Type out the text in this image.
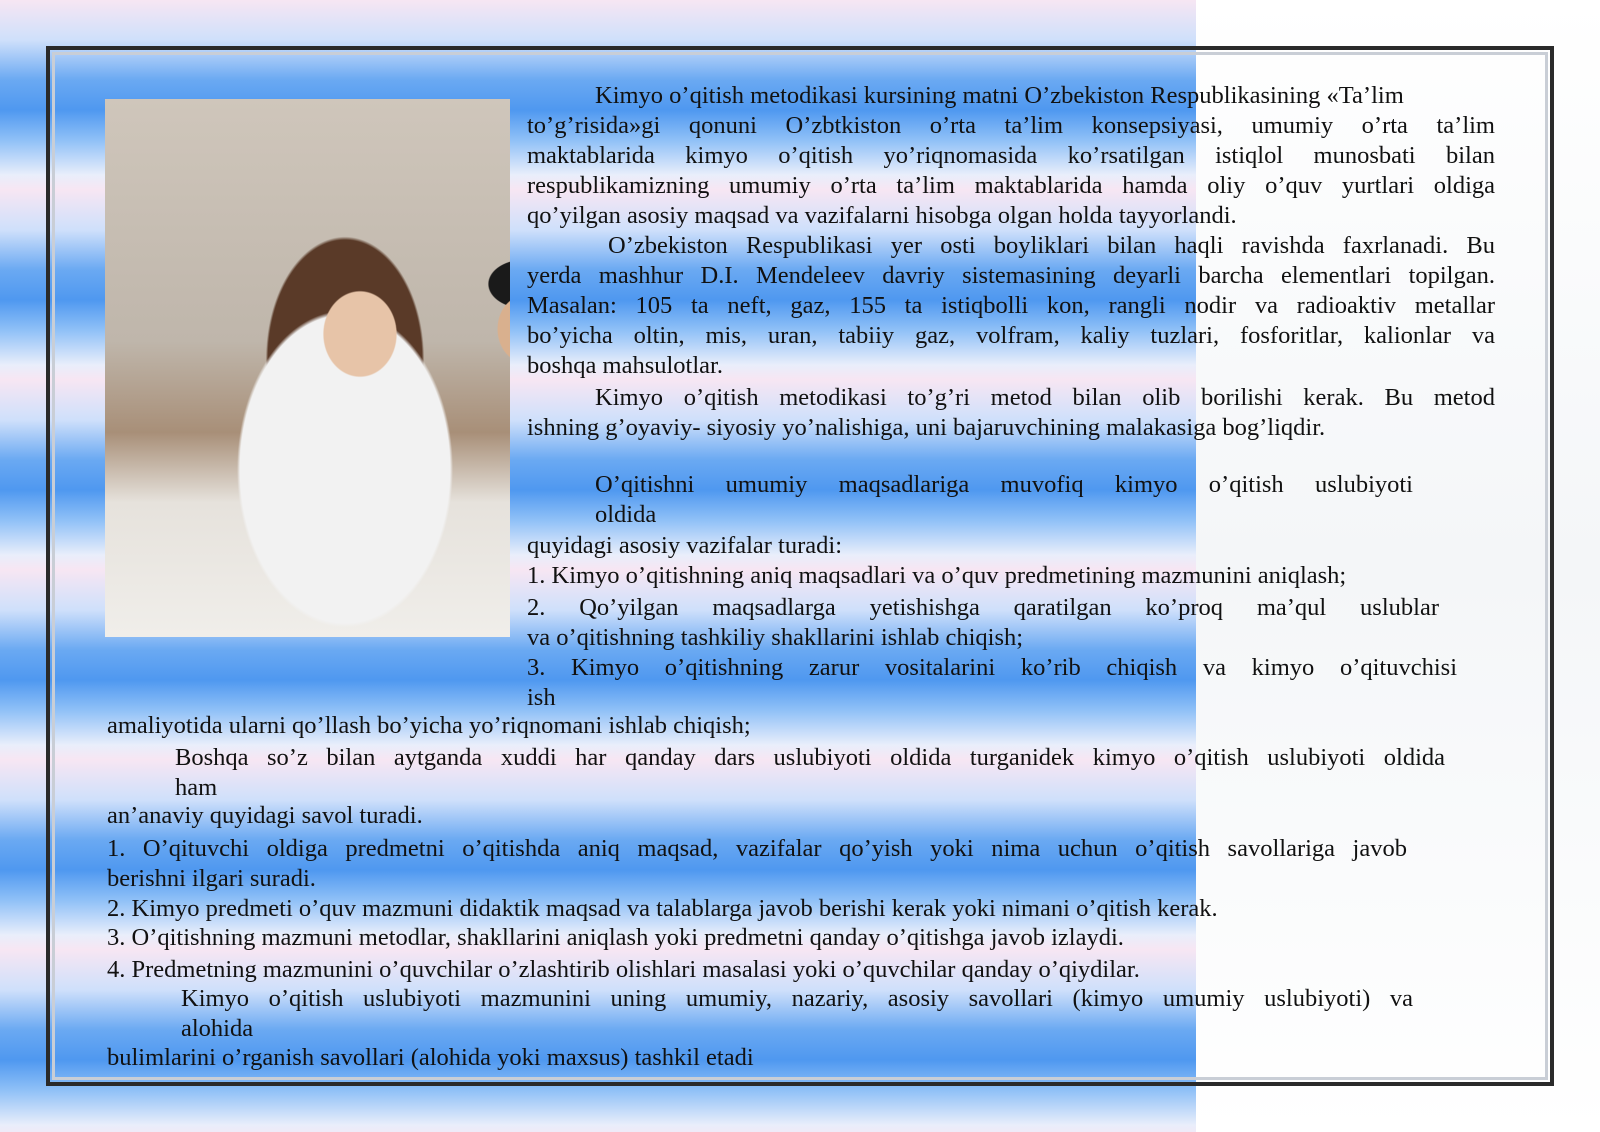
Kimyo o’qitish metodikasi kursining matni O’zbekiston Respublikasining «Ta’lim
to’g’risida»gi qonuni O’zbtkiston o’rta ta’lim konsepsiyasi, umumiy o’rta ta’lim
maktablarida kimyo o’qitish yo’riqnomasida ko’rsatilgan istiqlol munosbati bilan
respublikamizning umumiy o’rta ta’lim maktablarida hamda oliy o’quv yurtlari oldiga
qo’yilgan asosiy maqsad va vazifalarni hisobga olgan holda tayyorlandi.
O’zbekiston Respublikasi yer osti boyliklari bilan haqli ravishda faxrlanadi. Bu
yerda mashhur D.I. Mendeleev davriy sistemasining deyarli barcha elementlari topilgan.
Masalan: 105 ta neft, gaz, 155 ta istiqbolli kon, rangli nodir va radioaktiv metallar
bo’yicha oltin, mis, uran, tabiiy gaz, volfram, kaliy tuzlari, fosforitlar, kalionlar va
boshqa mahsulotlar.
Kimyo o’qitish metodikasi to’g’ri metod bilan olib borilishi kerak. Bu metod
ishning g’oyaviy- siyosiy yo’nalishiga, uni bajaruvchining malakasiga bog’liqdir.
O’qitishni umumiy maqsadlariga muvofiq kimyo o’qitish uslubiyoti
oldida
quyidagi asosiy vazifalar turadi:
1. Kimyo o’qitishning aniq maqsadlari va o’quv predmetining mazmunini aniqlash;
2. Qo’yilgan maqsadlarga yetishishga qaratilgan ko’proq ma’qul uslublar
va o’qitishning tashkiliy shakllarini ishlab chiqish;
3. Kimyo o’qitishning zarur vositalarini ko’rib chiqish va kimyo o’qituvchisi
ish
amaliyotida ularni qo’llash bo’yicha yo’riqnomani ishlab chiqish;
Boshqa so’z bilan aytganda xuddi har qanday dars uslubiyoti oldida turganidek kimyo o’qitish uslubiyoti oldida
ham
an’anaviy quyidagi savol turadi.
1. O’qituvchi oldiga predmetni o’qitishda aniq maqsad, vazifalar qo’yish yoki nima uchun o’qitish savollariga javob
berishni ilgari suradi.
2. Kimyo predmeti o’quv mazmuni didaktik maqsad va talablarga javob berishi kerak yoki nimani o’qitish kerak.
3. O’qitishning mazmuni metodlar, shakllarini aniqlash yoki predmetni qanday o’qitishga javob izlaydi.
4. Predmetning mazmunini o’quvchilar o’zlashtirib olishlari masalasi yoki o’quvchilar qanday o’qiydilar.
Kimyo o’qitish uslubiyoti mazmunini uning umumiy, nazariy, asosiy savollari (kimyo umumiy uslubiyoti) va
alohida
bulimlarini o’rganish savollari (alohida yoki maxsus) tashkil etadi
